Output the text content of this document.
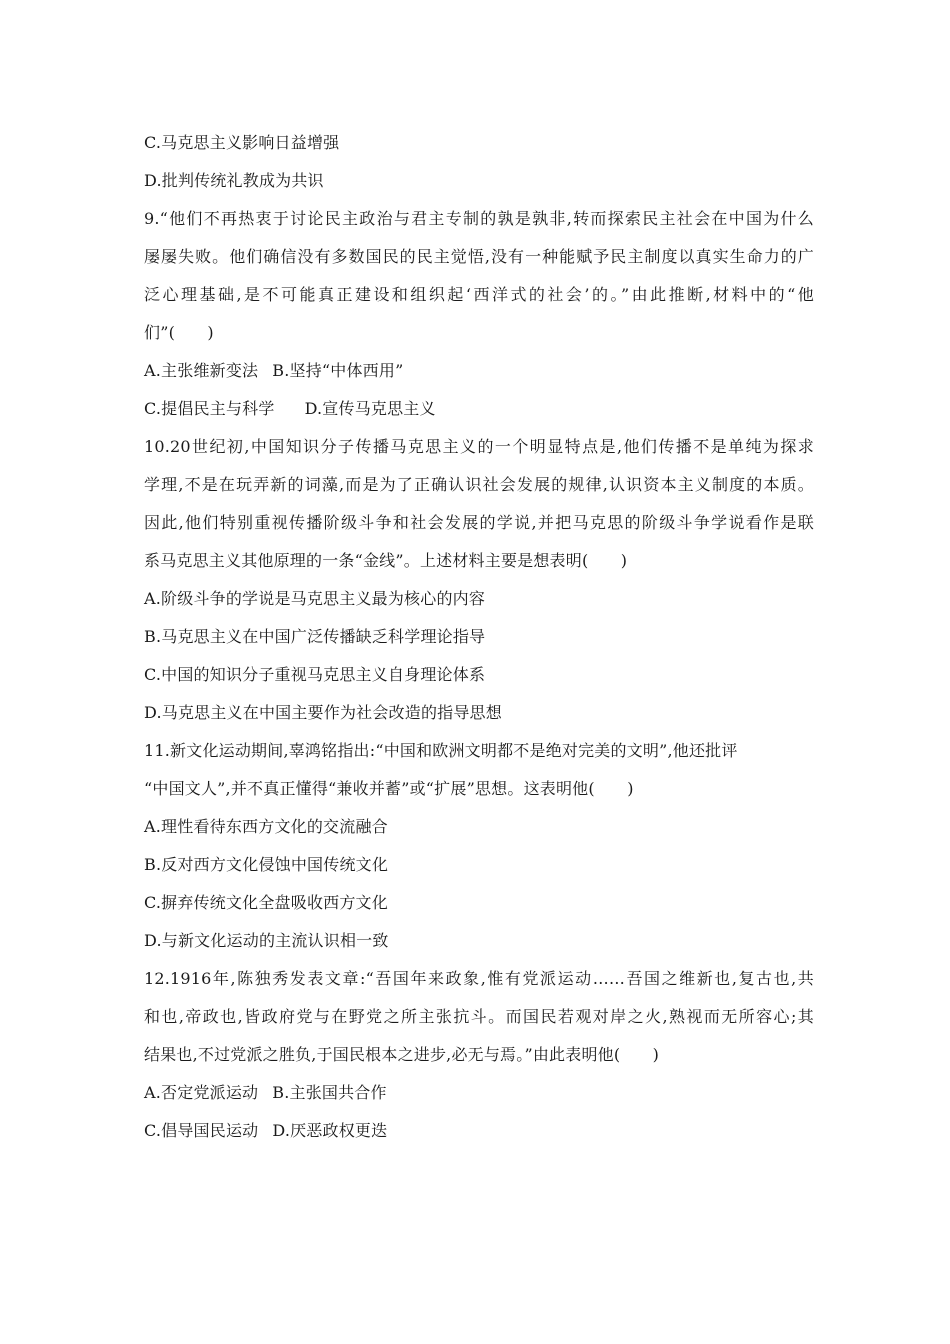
C.马克思主义影响日益增强
D.批判传统礼教成为共识
9.“他们不再热衷于讨论民主政治与君主专制的孰是孰非,转而探索民主社会在中国为什么
屡屡失败。他们确信没有多数国民的民主觉悟,没有一种能赋予民主制度以真实生命力的广
泛心理基础,是不可能真正建设和组织起‘西洋式的社会’的。”由此推断,材料中的“他
们”(　　)
A.主张维新变法 B.坚持“中体西用”
C.提倡民主与科学 D.宣传马克思主义
10.20世纪初,中国知识分子传播马克思主义的一个明显特点是,他们传播不是单纯为探求
学理,不是在玩弄新的词藻,而是为了正确认识社会发展的规律,认识资本主义制度的本质。
因此,他们特别重视传播阶级斗争和社会发展的学说,并把马克思的阶级斗争学说看作是联
系马克思主义其他原理的一条“金线”。上述材料主要是想表明(　　)
A.阶级斗争的学说是马克思主义最为核心的内容
B.马克思主义在中国广泛传播缺乏科学理论指导
C.中国的知识分子重视马克思主义自身理论体系
D.马克思主义在中国主要作为社会改造的指导思想
11.新文化运动期间,辜鸿铭指出:“中国和欧洲文明都不是绝对完美的文明”,他还批评
“中国文人”,并不真正懂得“兼收并蓄”或“扩展”思想。这表明他(　　)
A.理性看待东西方文化的交流融合
B.反对西方文化侵蚀中国传统文化
C.摒弃传统文化全盘吸收西方文化
D.与新文化运动的主流认识相一致
12.1916年,陈独秀发表文章:“吾国年来政象,惟有党派运动……吾国之维新也,复古也,共
和也,帝政也,皆政府党与在野党之所主张抗斗。而国民若观对岸之火,熟视而无所容心;其
结果也,不过党派之胜负,于国民根本之进步,必无与焉。”由此表明他(　　)
A.否定党派运动 B.主张国共合作
C.倡导国民运动 D.厌恶政权更迭
